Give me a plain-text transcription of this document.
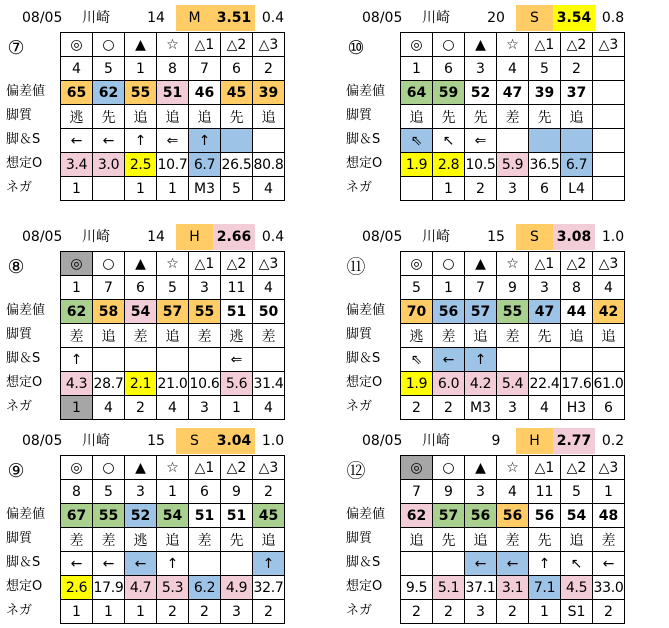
08/05 川崎	14	M	3.51 0.4
⑦
偏差値
脚質
脚＆S
想定O
ネガ
◎	○	▲	☆	△1	△2	△3
4	5	1	8	7	6	2
65	62	55	51	46	45	39
逃	先	追	追	追	先	追
←	←	↑	⇐	↑		
3.4	3.0	2.5	10.7	6.7	26.5	80.8
1		1	1	M3	5	4
08/05 川崎	20	S	3.54 0.8
⑩
偏差値
脚質
脚＆S
想定O
ネガ
◎	○	▲	☆	△1	△2	△3
1	6	3	4	5	2	
64	59	52	47	39	37	
追	先	先	差	先	追	
⇖	↖	⇐				
1.9	2.8	10.5	5.9	36.5	6.7	
	1	2	3	6	L4	
08/05 川崎	14	H	2.66 0.4
⑧
偏差値
脚質
脚＆S
想定O
ネガ
◎	○	▲	☆	△1	△2	△3
1	7	6	5	3	11	4
62	58	54	57	55	51	50
差	追	差	追	差	逃	差
↑					⇐	
4.3	28.7	2.1	21.0	10.6	5.6	31.4
1	4	2	4	3	1	4
08/05 川崎	15	S	3.08 1.0
⑪
偏差値
脚質
脚＆S
想定O
ネガ
◎	○	▲	☆	△1	△2	△3
5	1	7	9	3	8	4
70	56	57	55	47	44	42
逃	差	追	差	先	追	追
⇖	←	↑				
1.9	6.0	4.2	5.4	22.4	17.6	61.0
2	2	M3	3	4	H3	6
08/05 川崎	15	S	3.04 1.0
⑨
偏差値
脚質
脚＆S
想定O
ネガ
◎	○	▲	☆	△1	△2	△3
8	5	3	1	6	9	2
67	55	52	54	51	51	45
差	差	逃	追	差	先	追
←	←	←	↑			↑
2.6	17.9	4.7	5.3	6.2	4.9	32.7
1	1	1	2	2	3	2
08/05 川崎	9	H	2.77 0.2
⑫
偏差値
脚質
脚＆S
想定O
ネガ
◎	○	▲	☆	△1	△2	△3
7	9	3	4	11	5	1
62	57	56	56	56	54	48
追	先	追	差	先	追	差
		←	←	↑	↖	←
9.5	5.1	37.1	3.1	7.1	4.5	33.0
2	2	3	2	1	S1	2
